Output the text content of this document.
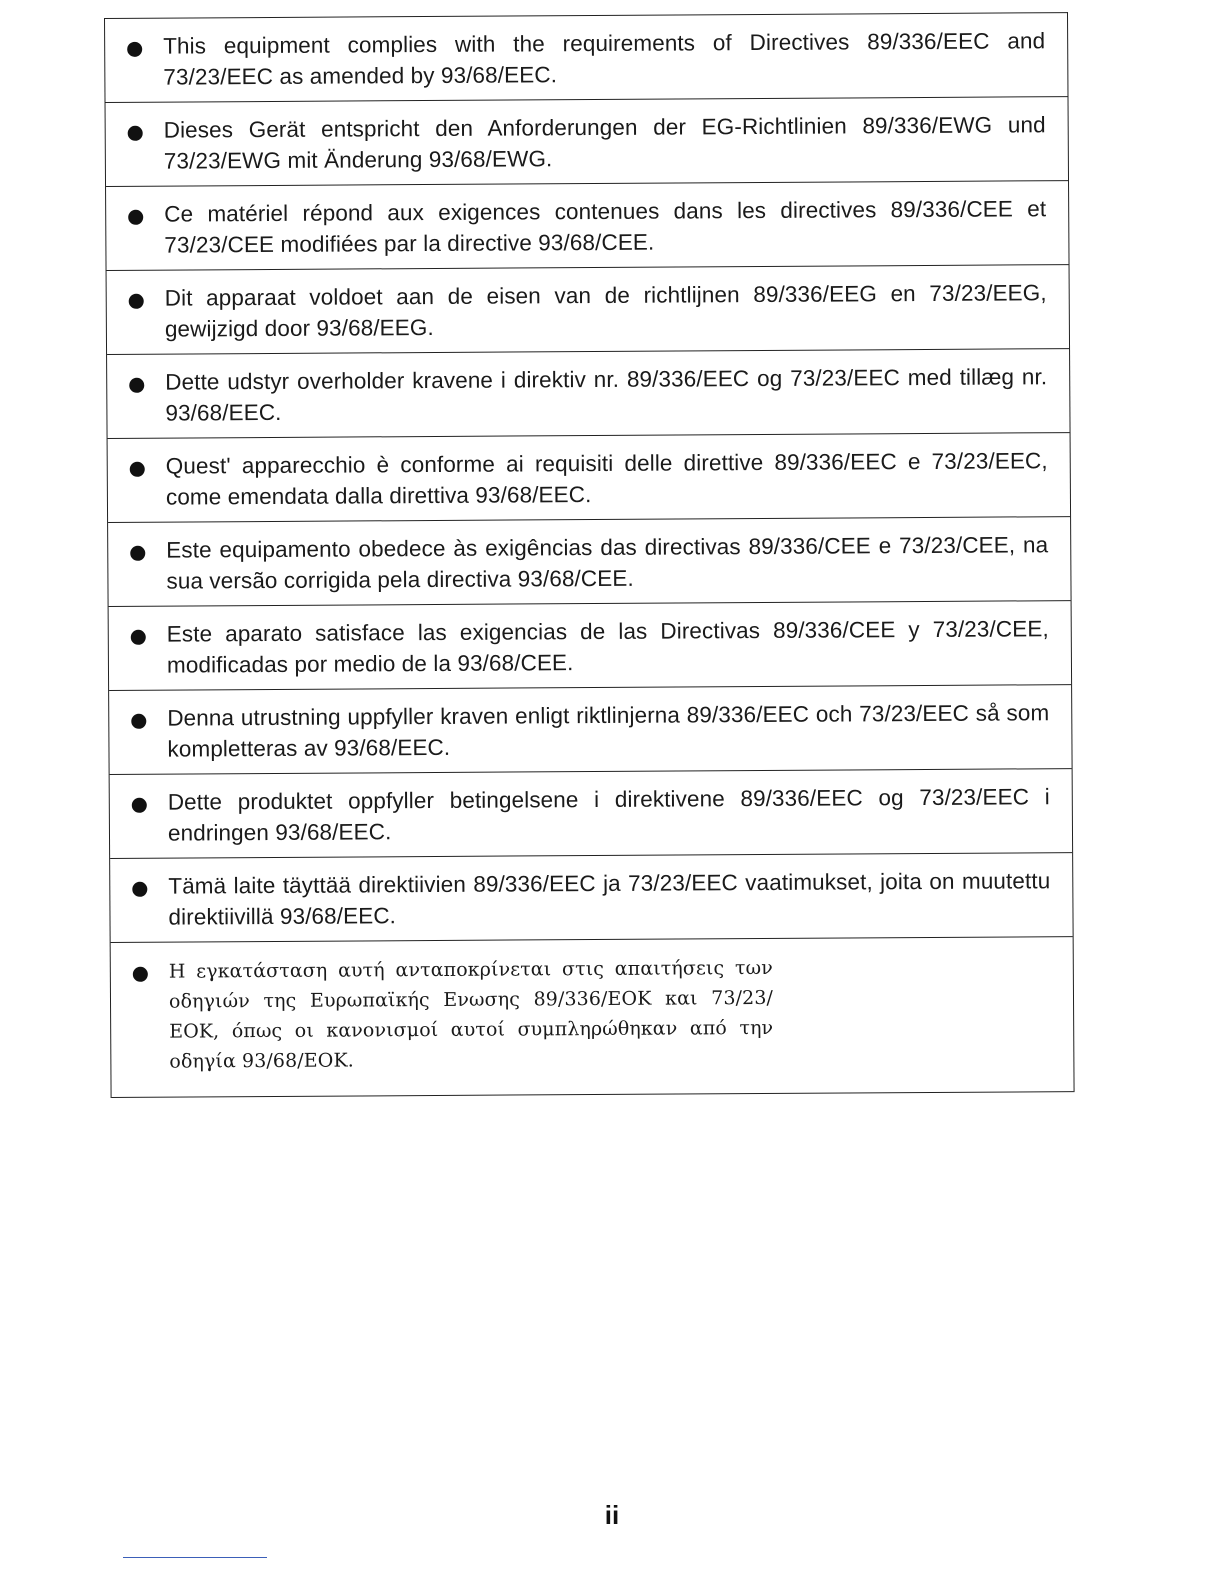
This equipment complies with the requirements of Directives 89/336/EEC and 73/23/EEC as amended by 93/68/EEC.
Dieses Gerät entspricht den Anforderungen der EG-Richtlinien 89/336/EWG und 73/23/EWG mit Änderung 93/68/EWG.
Ce matériel répond aux exigences contenues dans les directives 89/336/CEE et 73/23/CEE modifiées par la directive 93/68/CEE.
Dit apparaat voldoet aan de eisen van de richtlijnen 89/336/EEG en 73/23/EEG, gewijzigd door 93/68/EEG.
Dette udstyr overholder kravene i direktiv nr. 89/336/EEC og 73/23/EEC med tillæg nr. 93/68/EEC.
Quest' apparecchio è conforme ai requisiti delle direttive 89/336/EEC e 73/23/EEC, come emendata dalla direttiva 93/68/EEC.
Este equipamento obedece às exigências das directivas 89/336/CEE e 73/23/CEE, na sua versão corrigida pela directiva 93/68/CEE.
Este aparato satisface las exigencias de las Directivas 89/336/CEE y 73/23/CEE, modificadas por medio de la 93/68/CEE.
Denna utrustning uppfyller kraven enligt riktlinjerna 89/336/EEC och 73/23/EEC så som kompletteras av 93/68/EEC.
Dette produktet oppfyller betingelsene i direktivene 89/336/EEC og 73/23/EEC i endringen 93/68/EEC.
Tämä laite täyttää direktiivien 89/336/EEC ja 73/23/EEC vaatimukset, joita on muutettu direktiivillä 93/68/EEC.
Η εγκατάσταση αυτή ανταποκρίνεται στις απαιτήσεις των οδηγιών της Ευρωπαϊκής Ενωσης 89/336/ΕΟΚ και 73/23/ΕΟΚ, όπως οι κανονισμοί αυτοί συμπληρώθηκαν από την οδηγία 93/68/ΕΟΚ.
ii
